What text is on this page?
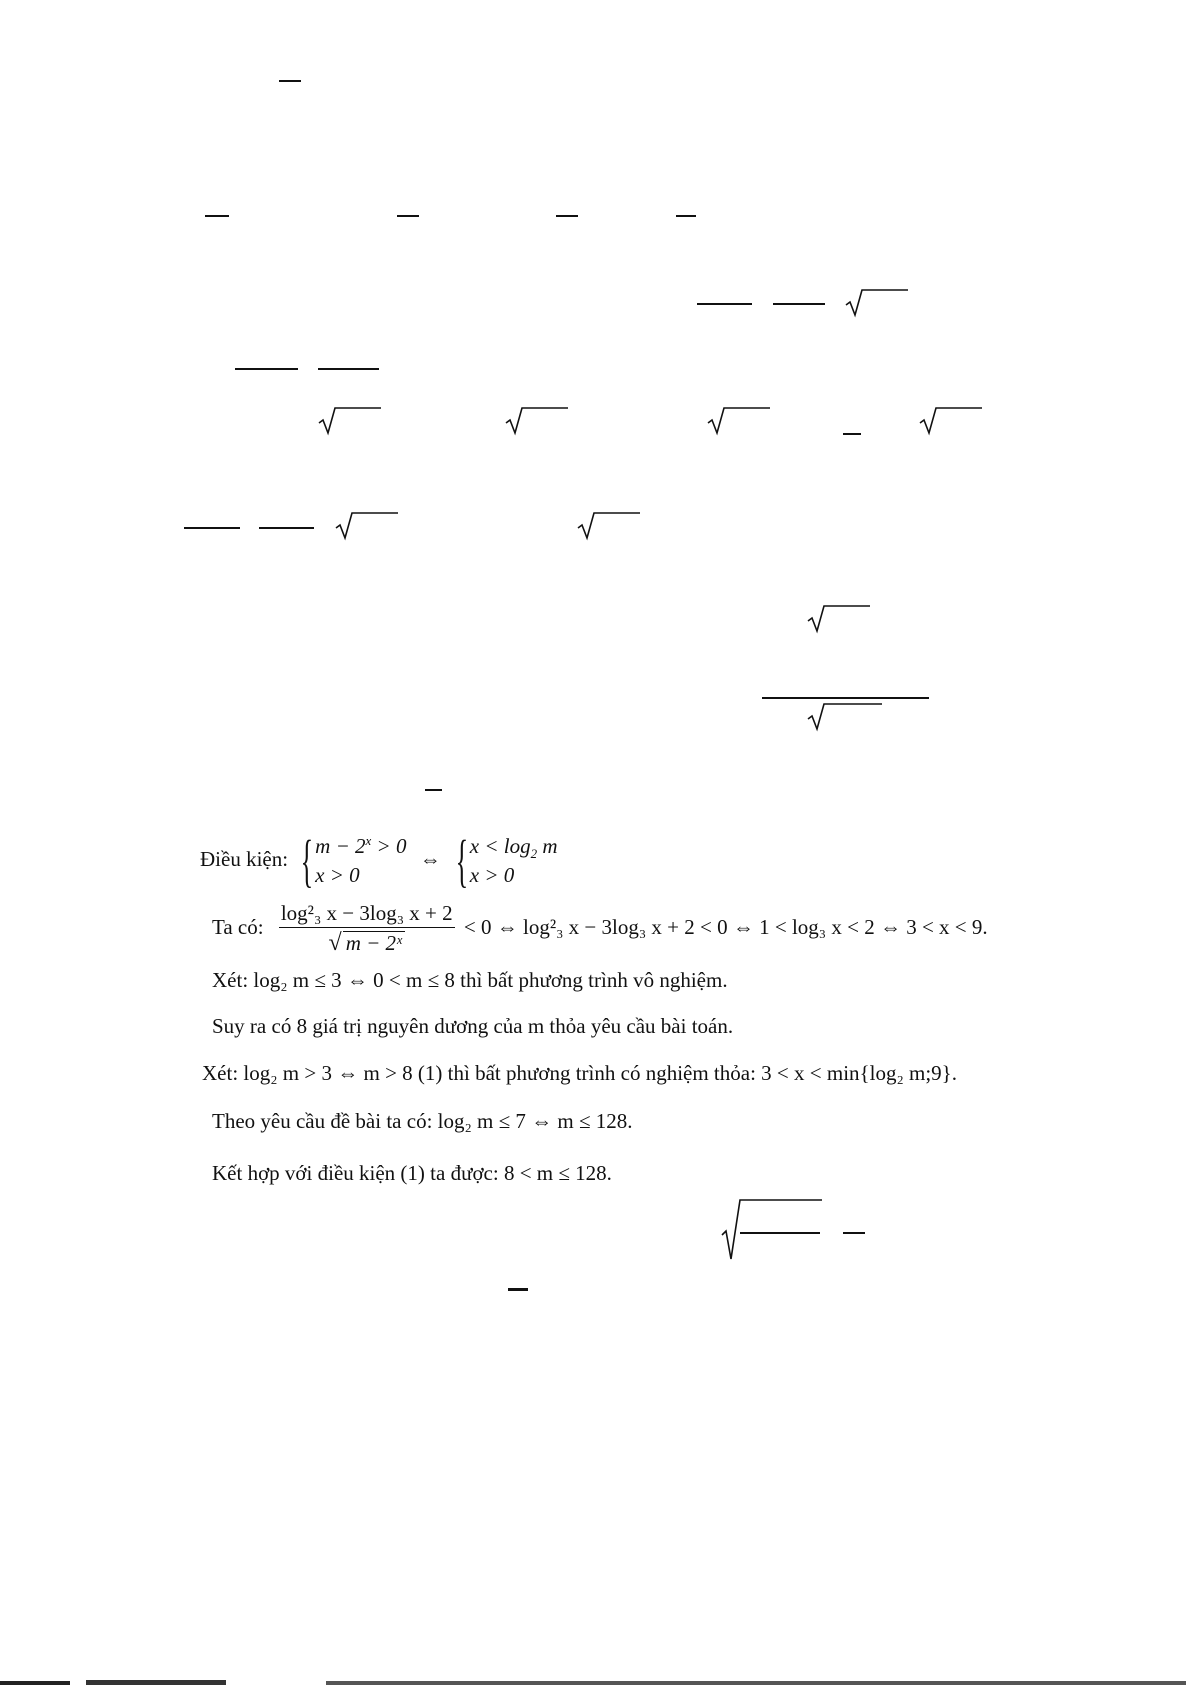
Điều kiện: { $m - 2^x > 0$
x > 0
⇔ { $x < \log_2 m$
x > 0
Ta có: $\frac{\text{log²₃ x − 3log₃ x + 2}}{\text{√ m − 2ˣ}} < 0$ ⇔ log²₃ x − 3log₃ x + 2 < 0 ⇔ 1 < log₃ x < 2 ⇔ 3 < x < 9.
Xét: log₂ m ≤ 3 ⇔ 0 < m ≤ 8 thì bất phương trình vô nghiệm.
Suy ra có 8 giá trị nguyên dương của m thỏa yêu cầu bài toán.
Xét: log₂ m > 3 ⇔ m > 8 (1) thì bất phương trình có nghiệm thỏa: 3 < x < min{log₂ m;9}.
Theo yêu cầu đề bài ta có: log₂ m ≤ 7 ⇔ m ≤ 128.
Kết hợp với điều kiện (1) ta được: 8 < m ≤ 128.
